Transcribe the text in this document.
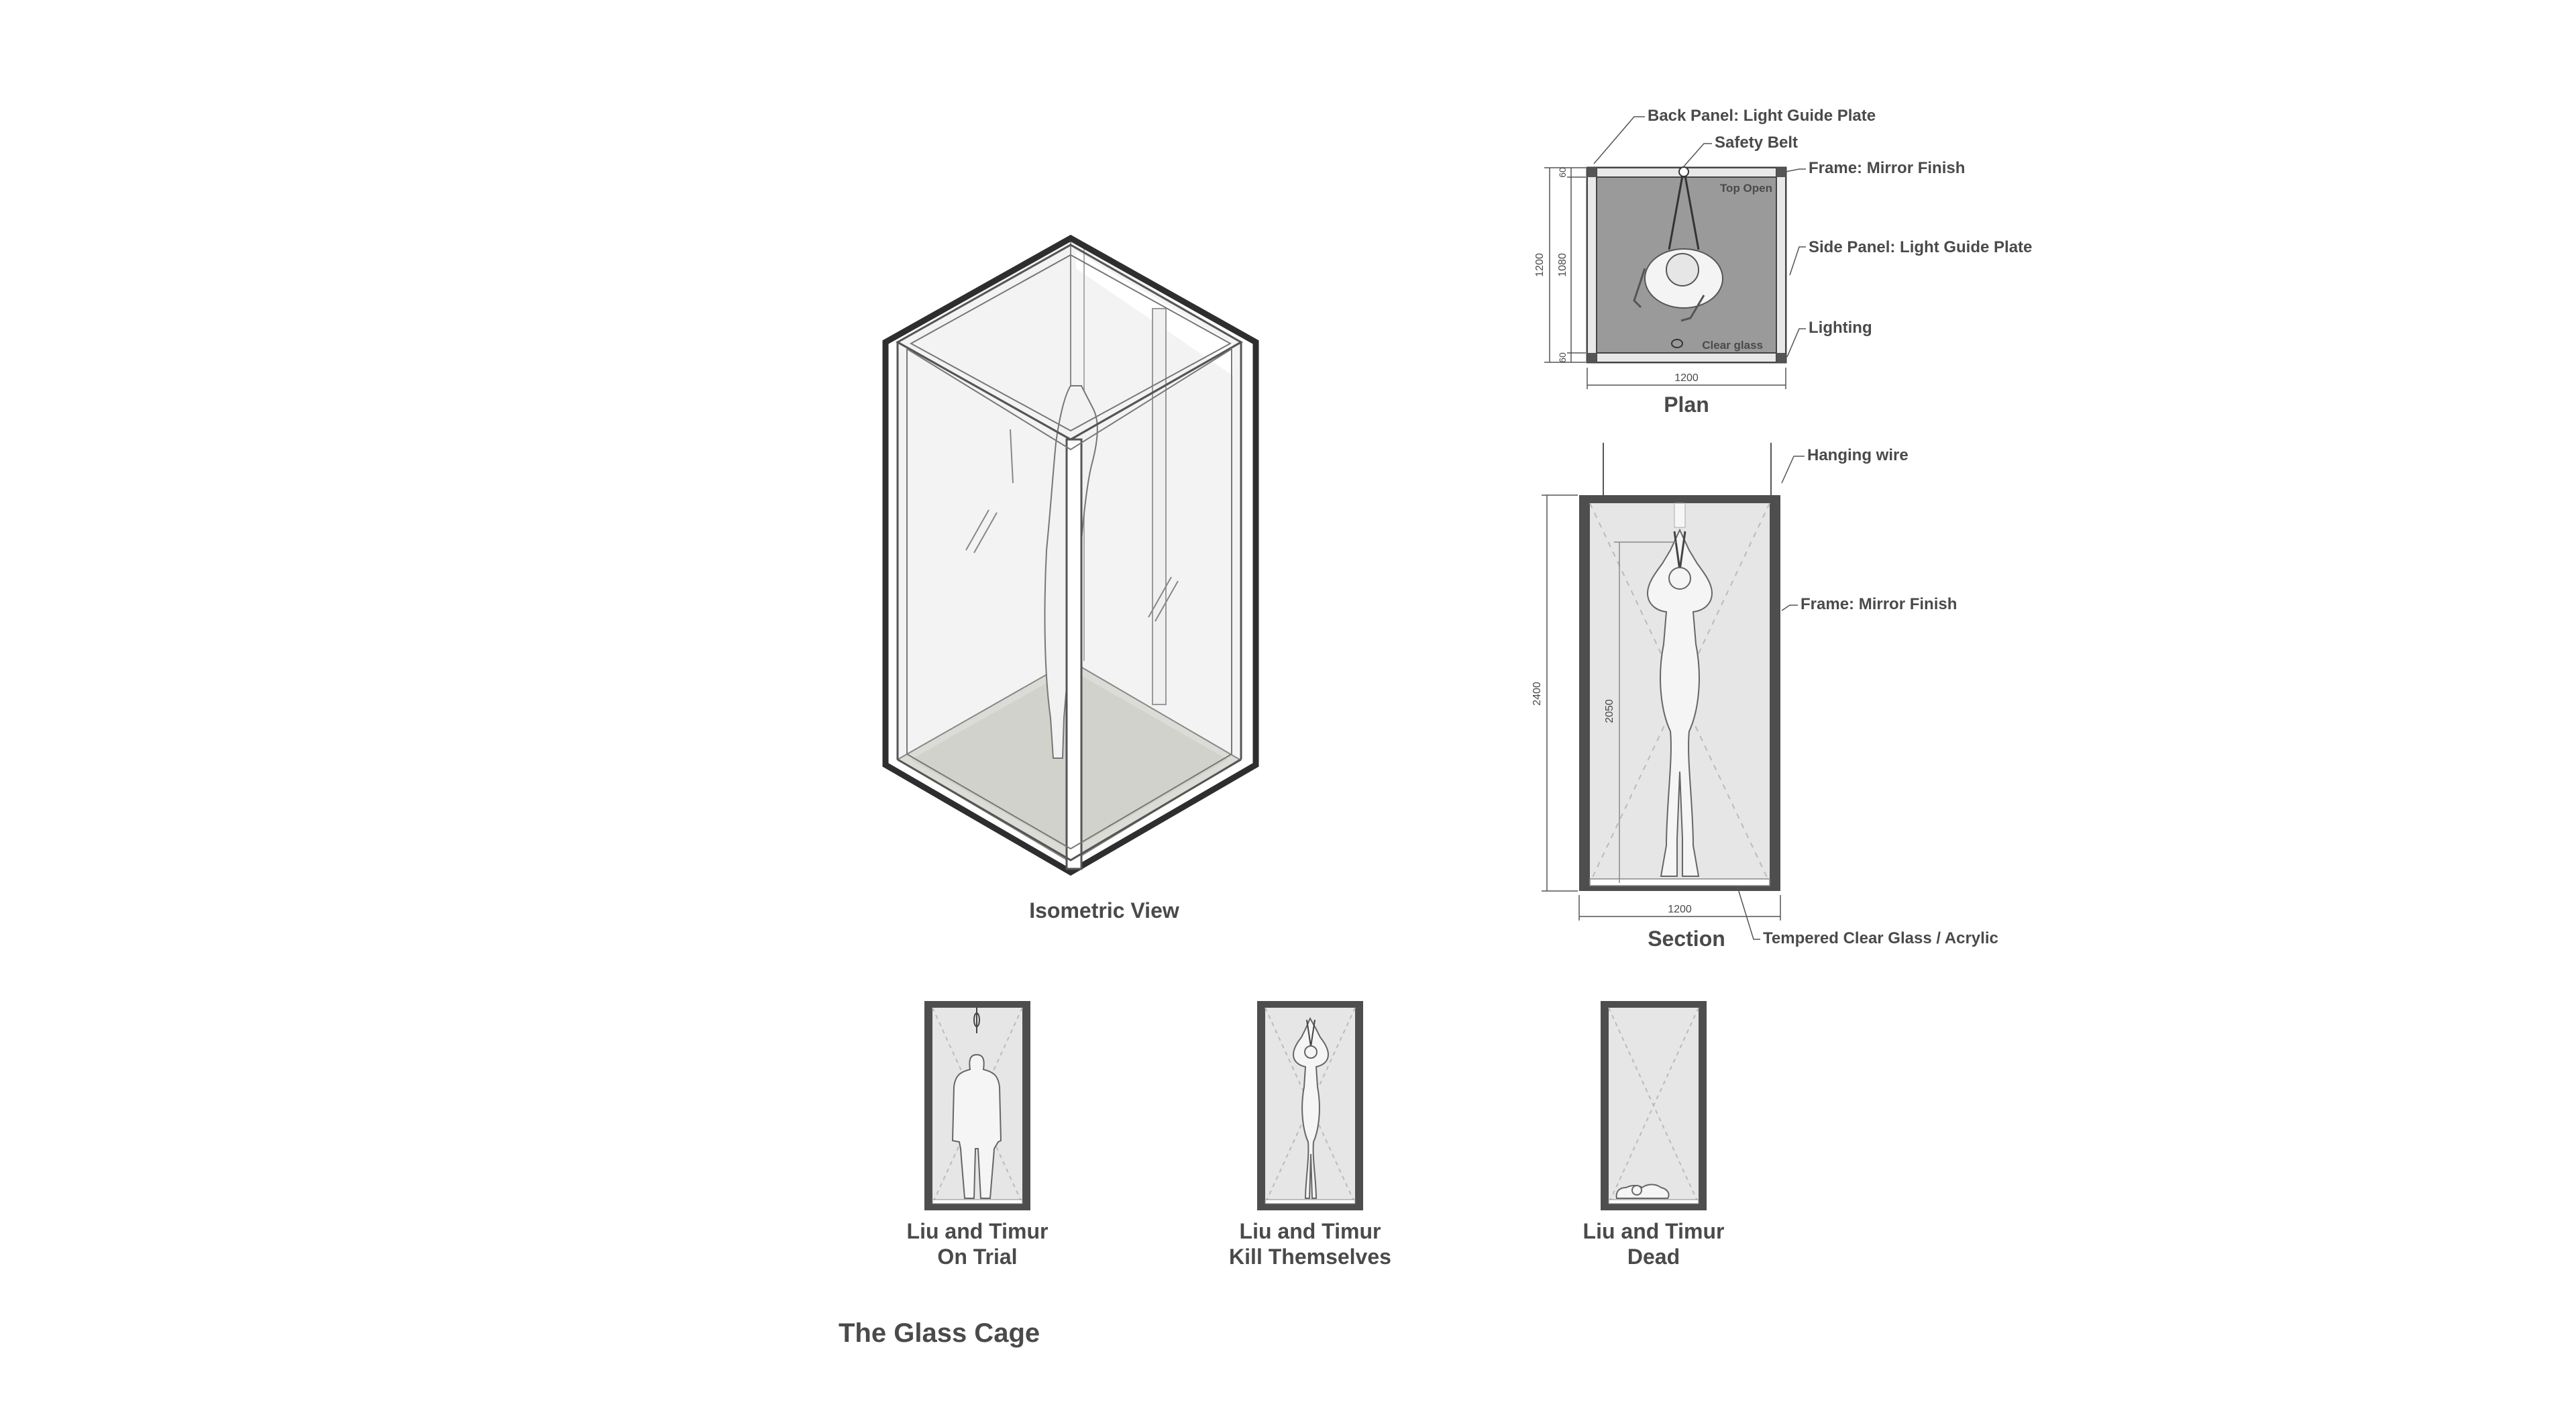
Isometric View
Top Open
Clear glass
1200 1080
60
60
1200
Plan
Back Panel: Light Guide Plate
Safety Belt
Frame: Mirror Finish
Side Panel: Light Guide Plate
Lighting
2050
2400
1200
Section
Hanging wire
Frame: Mirror Finish
Tempered Clear Glass / Acrylic
Liu and Timur
On Trial
Liu and Timur
Kill Themselves
Liu and Timur
Dead
The Glass Cage
